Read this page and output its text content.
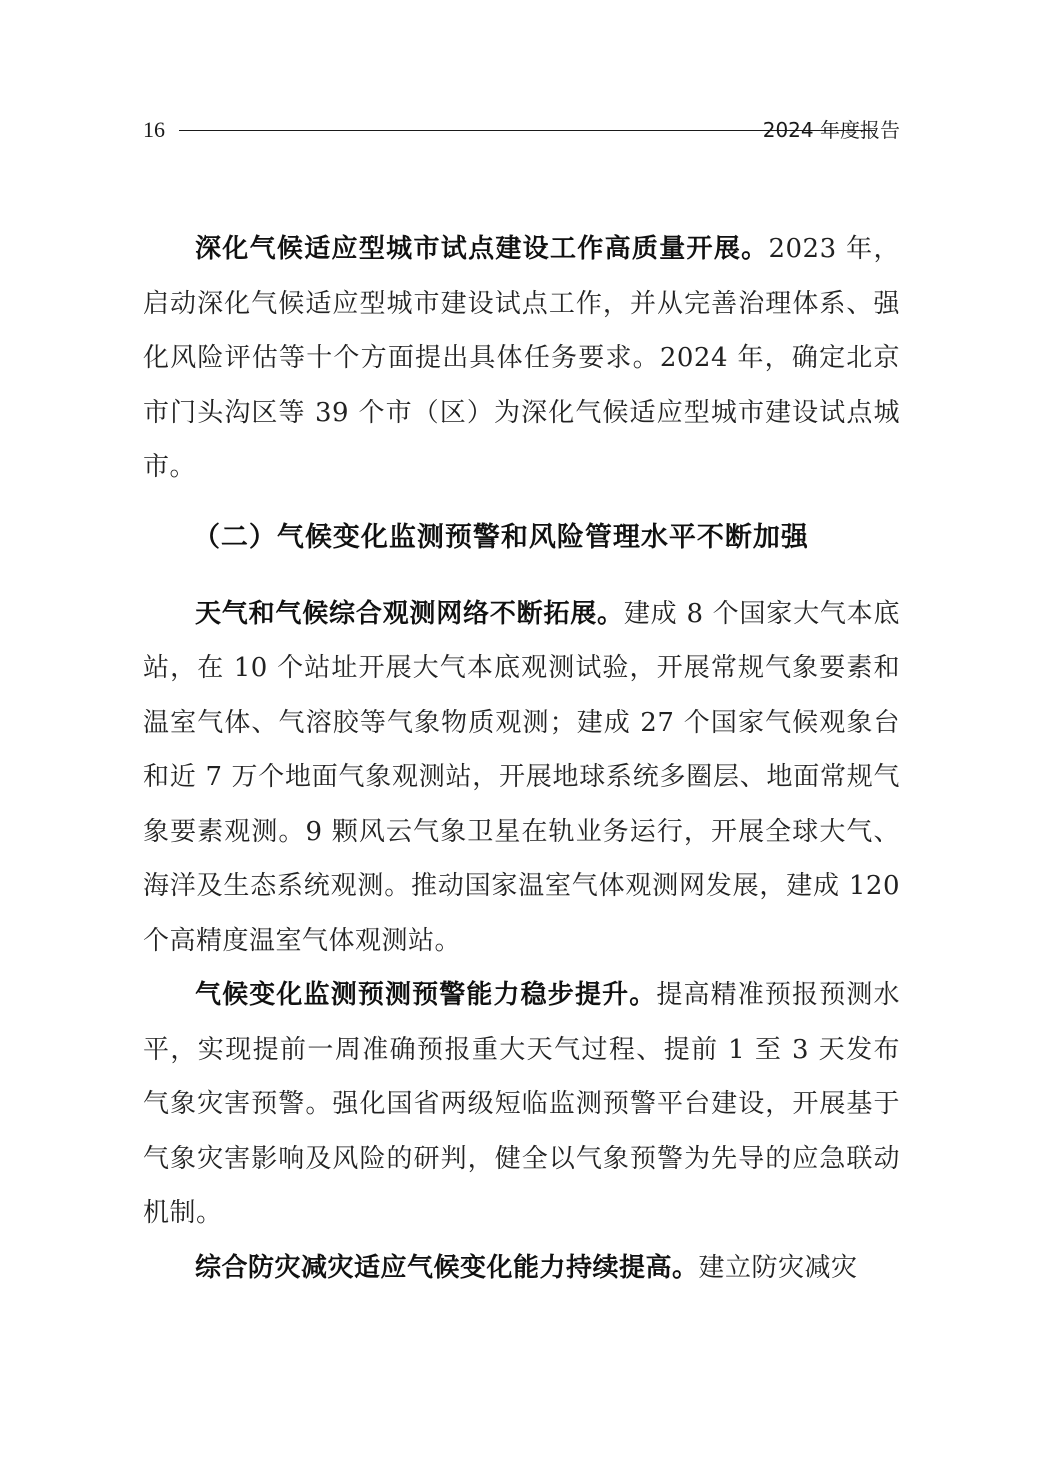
16	2024 年度报告

深化气候适应型城市试点建设工作高质量开展。2023 年，启动深化气候适应型城市建设试点工作，并从完善治理体系、强化风险评估等十个方面提出具体任务要求。2024 年，确定北京市门头沟区等 39 个市（区）为深化气候适应型城市建设试点城市。

（二）气候变化监测预警和风险管理水平不断加强

天气和气候综合观测网络不断拓展。建成 8 个国家大气本底站，在 10 个站址开展大气本底观测试验，开展常规气象要素和温室气体、气溶胶等气象物质观测；建成 27 个国家气候观象台和近 7 万个地面气象观测站，开展地球系统多圈层、地面常规气象要素观测。9 颗风云气象卫星在轨业务运行，开展全球大气、海洋及生态系统观测。推动国家温室气体观测网发展，建成 120 个高精度温室气体观测站。

气候变化监测预测预警能力稳步提升。提高精准预报预测水平，实现提前一周准确预报重大天气过程、提前 1 至 3 天发布气象灾害预警。强化国省两级短临监测预警平台建设，开展基于气象灾害影响及风险的研判，健全以气象预警为先导的应急联动机制。

综合防灾减灾适应气候变化能力持续提高。建立防灾减灾
